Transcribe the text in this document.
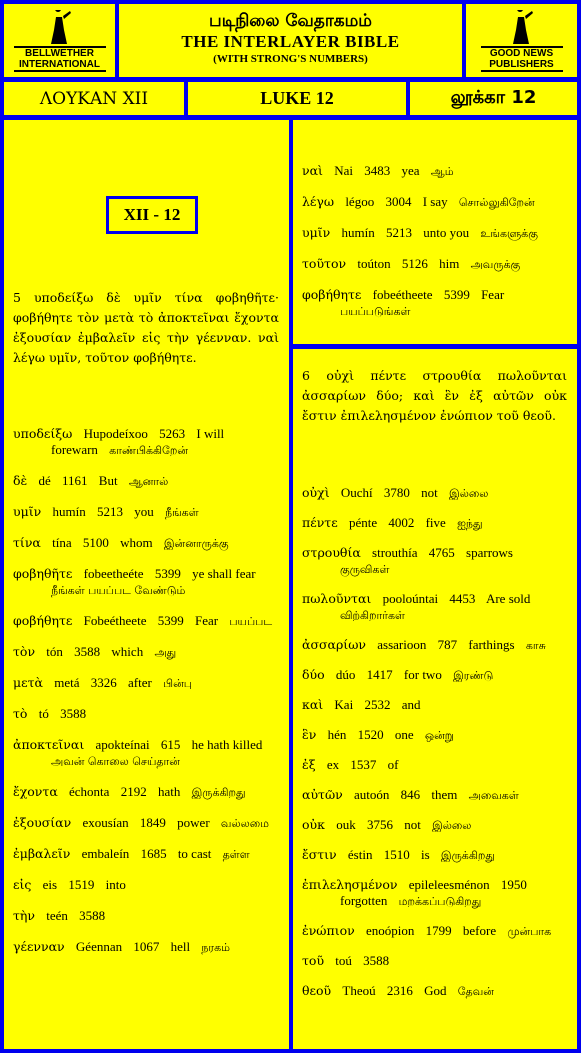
BELLWETHER INTERNATIONAL
படிநிலை வேதாகமம்
THE INTERLAYER BIBLE
(WITH STRONG'S NUMBERS)	GOOD NEWS PUBLISHERS
ΛΟΥΚΑΝ XII	LUKE 12	லூக்கா 12
XII - 12
5 υποδείξω δὲ υμῖν τίνα φοβηθῆτε· φοβήθητε τὸν μετὰ τὸ ἀποκτεῖναι ἔχοντα ἐξουσίαν ἐμβαλεῖν εἰς τὴν γέενναν. ναὶ λέγω υμῖν, τοῦτον φοβήθητε.
υποδείξω Hupodeíxoo 5263 I will forewarn காண்பிக்கிறேன்
δὲ dé 1161 But ஆனால்
υμῖν humín 5213 you நீங்கள்
τίνα tína 5100 whom இன்னாருக்கு
φοβηθῆτε fobeetheéte 5399 ye shall fear நீங்கள் பயப்பட வேண்டும்
φοβήθητε Fobeétheete 5399 Fear பயப்பட
τὸν tón 3588 which அது
μετὰ metá 3326 after பின்பு
τὸ tó 3588
ἀποκτεῖναι apokteínai 615 he hath killed அவன் கொலை செய்தான்
ἔχοντα échonta 2192 hath இருக்கிறது
ἐξουσίαν exousían 1849 power வல்லமை
ἐμβαλεῖν embaleín 1685 to cast தள்ள
εἰς eis 1519 into
τὴν teén 3588
γέενναν Géennan 1067 hell நரகம்
ναὶ Nai 3483 yea ஆம்
λέγω légoo 3004 I say சொல்லுகிறேன்
υμῖν humín 5213 unto you உங்களுக்கு
τοῦτον toúton 5126 him அவருக்கு
φοβήθητε fobeétheete 5399 Fear பயப்படுங்கள்
6 οὐχὶ πέντε στρουθία πωλοῦνται ἀσσαρίων δύο; καὶ ἓν ἐξ αὐτῶν οὐκ ἔστιν ἐπιλελησμένον ἐνώπιον τοῦ θεοῦ.
οὐχὶ Ouchí 3780 not இல்லை
πέντε pénte 4002 five ஐந்து
στρουθία strouthía 4765 sparrows குருவிகள்
πωλοῦνται pooloúntai 4453 Are sold விற்கிறார்கள்
ἀσσαρίων assarioon 787 farthings காசு
δύο dúo 1417 for two இரண்டு
καὶ Kai 2532 and
ἓν hén 1520 one ஒன்று
ἐξ ex 1537 of
αὐτῶν autoón 846 them அவைகள்
οὐκ ouk 3756 not இல்லை
ἔστιν éstin 1510 is இருக்கிறது
ἐπιλελησμένον epileleesménon 1950 forgotten மறக்கப்படுகிறது
ἐνώπιον enoópion 1799 before முன்பாக
τοῦ toú 3588
θεοῦ Theoú 2316 God தேவன்
